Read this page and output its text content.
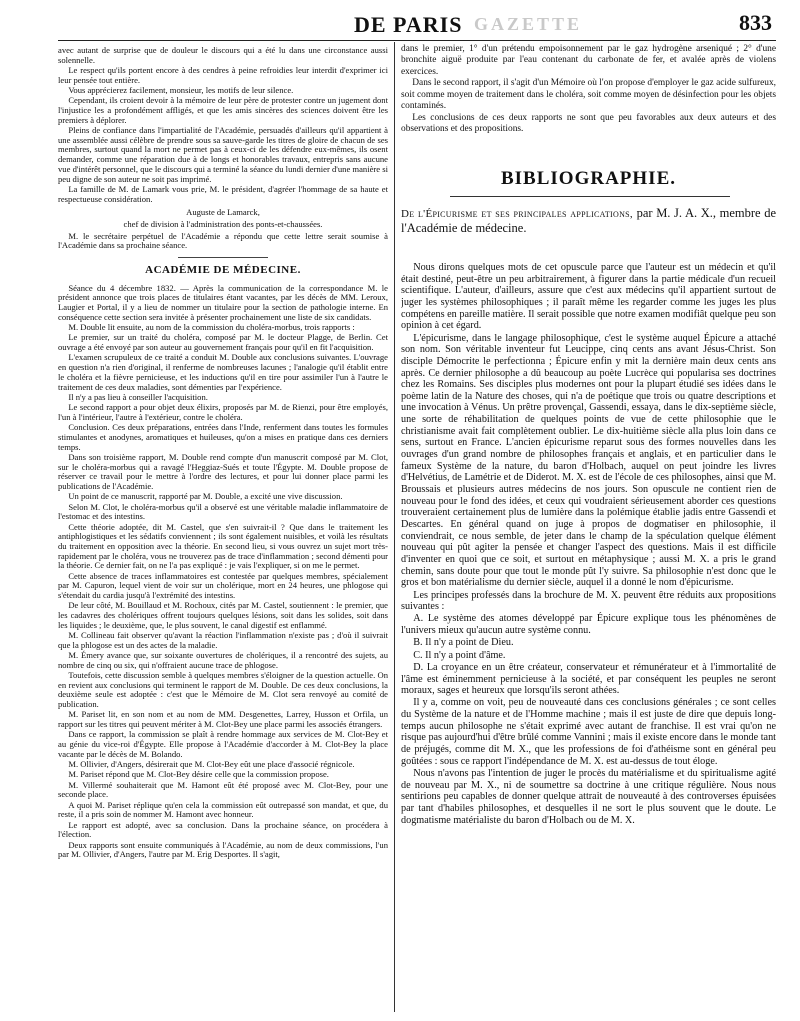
GAZETTE
DE PARIS	833

avec autant de surprise que de douleur le discours qui a été lu dans une circonstance aussi solennelle.

Le respect qu'ils portent encore à des cendres à peine refroidies leur interdit d'exprimer ici leur pensée tout entière.

Vous apprécierez facilement, monsieur, les motifs de leur silence.

Cependant, ils croient devoir à la mémoire de leur père de protester contre un jugement dont l'injustice les a profondément affligés, et que les amis sincères des sciences doivent être les premiers à déplorer.

Pleins de confiance dans l'impartialité de l'Académie, persuadés d'ailleurs qu'il appartient à une assemblée aussi célèbre de prendre sous sa sauve-garde les titres de gloire de chacun de ses membres, surtout quand la mort ne permet pas à ceux-ci de les défendre eux-mêmes, ils osent demander, comme une réparation due à de longs et honorables travaux, entrepris sans aucune vue d'intérêt personnel, que le discours qui a terminé la séance du lundi dernier d'une manière si peu digne de son auteur ne soit pas imprimé.

La famille de M. de Lamark vous prie, M. le président, d'agréer l'hommage de sa haute et respectueuse considération.

Auguste de Lamarck,

chef de division à l'administration des ponts-et-chaussées.

M. le secrétaire perpétuel de l'Académie a répondu que cette lettre serait soumise à l'Académie dans sa prochaine séance.

ACADÉMIE DE MÉDECINE.

Séance du 4 décembre 1832. — Après la communication de la correspondance M. le président annonce que trois places de titulaires étant vacantes, par les décès de MM. Leroux, Laugier et Portal, il y a lieu de nommer un titulaire pour la section de pathologie interne. En conséquence cette section sera invitée à présenter prochainement une liste de six candidats.

M. Double lit ensuite, au nom de la commission du choléra-morbus, trois rapports :

Le premier, sur un traité du choléra, composé par M. le docteur Plagge, de Berlin. Cet ouvrage a été envoyé par son auteur au gouvernement français pour qu'il en fit l'acquisition.

L'examen scrupuleux de ce traité a conduit M. Double aux conclusions suivantes. L'ouvrage en question n'a rien d'original, il renferme de nombreuses lacunes ; l'analogie qu'il établit entre le choléra et la fièvre pernicieuse, et les inductions qu'il en tire pour assimiler l'un à l'autre le traitement de ces deux maladies, sont démenties par l'expérience.

Il n'y a pas lieu à conseiller l'acquisition.

Le second rapport a pour objet deux élixirs, proposés par M. de Rienzi, pour être employés, l'un à l'intérieur, l'autre à l'extérieur, contre le choléra.

Conclusion. Ces deux préparations, entrées dans l'Inde, renferment dans toutes les formules stimulantes et anodynes, aromatiques et huileuses, qu'on a mises en pratique dans ces derniers temps.

Dans son troisième rapport, M. Double rend compte d'un manuscrit composé par M. Clot, sur le choléra-morbus qui a ravagé l'Heggiaz-Sués et toute l'Égypte. M. Double propose de réserver ce travail pour le mettre à l'ordre des lectures, et pour lui donner place parmi les publications de l'Académie.

Un point de ce manuscrit, rapporté par M. Double, a excité une vive discussion.

Selon M. Clot, le choléra-morbus qu'il a observé est une véritable maladie inflammatoire de l'estomac et des intestins.

Cette théorie adoptée, dit M. Castel, que s'en suivrait-il ? Que dans le traitement les antiphlogistiques et les sédatifs conviennent ; ils sont également nuisibles, et voilà les résultats du traitement en opposition avec la théorie. En second lieu, si vous ouvrez un sujet mort très-rapidement par le choléra, vous ne trouverez pas de trace d'inflammation ; second démenti pour la théorie. Ce dernier fait, on ne l'a pas expliqué : je vais l'expliquer, si on me le permet.

Cette absence de traces inflammatoires est contestée par quelques membres, spécialement par M. Capuron, lequel vient de voir sur un cholérique, mort en 24 heures, une phlogose qui s'étendait du cardia jusqu'à l'extrémité des intestins.

De leur côté, M. Bouillaud et M. Rochoux, cités par M. Castel, soutiennent : le premier, que les cadavres des cholériques offrent toujours quelques lésions, soit dans les solides, soit dans les liquides ; le deuxième, que, le plus souvent, le canal digestif est enflammé.

M. Collineau fait observer qu'avant la réaction l'inflammation n'existe pas ; d'où il suivrait que la phlogose est un des actes de la maladie.

M. Émery avance que, sur soixante ouvertures de cholériques, il a rencontré des sujets, au nombre de cinq ou six, qui n'offraient aucune trace de phlogose.

Toutefois, cette discussion semble à quelques membres s'éloigner de la question actuelle. On en revient aux conclusions qui terminent le rapport de M. Double. De ces deux conclusions, la deuxième seule est adoptée : c'est que le Mémoire de M. Clot sera renvoyé au comité de publication.

M. Pariset lit, en son nom et au nom de MM. Desgenettes, Larrey, Husson et Orfila, un rapport sur les titres qui peuvent mériter à M. Clot-Bey une place parmi les associés étrangers.

Dans ce rapport, la commission se plaît à rendre hommage aux services de M. Clot-Bey et au génie du vice-roi d'Égypte. Elle propose à l'Académie d'accorder à M. Clot-Bey la place vacante par le décès de M. Bolando.

M. Ollivier, d'Angers, désirerait que M. Clot-Bey eût une place d'associé régnicole.

M. Pariset répond que M. Clot-Bey désire celle que la commission propose.

M. Villermé souhaiterait que M. Hamont eût été proposé avec M. Clot-Bey, pour une seconde place.

A quoi M. Pariset réplique qu'en cela la commission eût outrepassé son mandat, et que, du reste, il a pris soin de nommer M. Hamont avec honneur.

Le rapport est adopté, avec sa conclusion. Dans la prochaine séance, on procédera à l'élection.

Deux rapports sont ensuite communiqués à l'Académie, au nom de deux commissions, l'un par M. Ollivier, d'Angers, l'autre par M. Erig Desportes. Il s'agit,

dans le premier, 1° d'un prétendu empoisonnement par le gaz hydrogène arseniqué ; 2° d'une bronchite aiguë produite par l'eau contenant du carbonate de fer, et avalée après de violens exercices.

Dans le second rapport, il s'agit d'un Mémoire où l'on propose d'employer le gaz acide sulfureux, soit comme moyen de traitement dans le choléra, soit comme moyen de désinfection pour les objets contaminés.

Les conclusions de ces deux rapports ne sont que peu favorables aux deux auteurs et des observations et des propositions.

BIBLIOGRAPHIE.
De l'Épicurisme et ses principales applications, par M. J. A. X., membre de l'Académie de médecine.

Nous dirons quelques mots de cet opuscule parce que l'auteur est un médecin et qu'il était destiné, peut-être un peu arbitrairement, à figurer dans la partie médicale d'un recueil scientifique. L'auteur, d'ailleurs, assure que c'est aux médecins qu'il appartient surtout de juger les systèmes philosophiques ; il paraît même les regarder comme les juges les plus compétens en pareille matière. Il serait possible que notre examen modifiât quelque peu son opinion à cet égard.

L'épicurisme, dans le langage philosophique, c'est le système auquel Épicure a attaché son nom. Son véritable inventeur fut Leucippe, cinq cents ans avant Jésus-Christ. Son disciple Démocrite le perfectionna ; Épicure enfin y mit la dernière main deux cents ans après. Ce dernier philosophe a dû beaucoup au poète Lucrèce qui popularisa ses doctrines chez les Romains. Ses disciples plus modernes ont pour la plupart étudié ses idées dans le poème latin de la Nature des choses, qui n'a de poétique que trois ou quatre descriptions et une invocation à Vénus. Un prêtre provençal, Gassendi, essaya, dans le dix-septième siècle, une sorte de réhabilitation de quelques points de vue de cette philosophie que le christianisme avait fait complètement oublier. Le dix-huitième siècle alla plus loin dans ce sens, surtout en France. L'ancien épicurisme reparut sous des formes nouvelles dans les ouvrages d'un grand nombre de philosophes français et anglais, et en particulier dans le fameux Système de la nature, du baron d'Holbach, auquel on peut joindre les livres d'Helvétius, de Lamétrie et de Diderot. M. X. est de l'école de ces philosophes, ainsi que M. Broussais et plusieurs autres médecins de nos jours. Son opuscule ne contient rien de nouveau pour le fond des idées, et ceux qui voudraient sérieusement aborder ces questions trouveraient certainement plus de lumière dans la polémique établie jadis entre Gassendi et Descartes. En général quand on juge à propos de dogmatiser en philosophie, il conviendrait, ce nous semble, de jeter dans le champ de la spéculation quelque élément nouveau qui pût agiter la pensée et changer l'aspect des questions. Mais il est difficile d'inventer en quoi que ce soit, et surtout en métaphysique ; aussi M. X. a pris le grand chemin, sans doute pour que tout le monde pût l'y suivre. Sa philosophie n'est donc que le gros et bon matérialisme du dernier siècle, auquel il a donné le nom d'épicurisme.

Les principes professés dans la brochure de M. X. peuvent être réduits aux propositions suivantes :

A. Le système des atomes développé par Épicure explique tous les phénomènes de l'univers mieux qu'aucun autre système connu.

B. Il n'y a point de Dieu.

C. Il n'y a point d'âme.

D. La croyance en un être créateur, conservateur et rémunérateur et à l'immortalité de l'âme est éminemment pernicieuse à la société, et par conséquent les peuples ne seront moraux, sages et heureux que lorsqu'ils seront athées.

Il y a, comme on voit, peu de nouveauté dans ces conclusions générales ; ce sont celles du Système de la nature et de l'Homme machine ; mais il est juste de dire que depuis long-temps aucun philosophe ne s'était exprimé avec autant de franchise. Il est vrai qu'on ne risque pas aujourd'hui d'être brûlé comme Vannini ; mais il existe encore dans le monde tant de préjugés, comme dit M. X., que les professions de foi d'athéisme sont en général peu goûtées : sous ce rapport l'indépendance de M. X. est au-dessus de tout éloge.

Nous n'avons pas l'intention de juger le procès du matérialisme et du spiritualisme agité de nouveau par M. X., ni de soumettre sa doctrine à une critique régulière. Nous nous sentirions peu capables de donner quelque attrait de nouveauté à des controverses épuisées par tant d'habiles philosophes, et desquelles il ne sort le plus souvent que le doute. Le dogmatisme matérialiste du baron d'Holbach ou de M. X.
